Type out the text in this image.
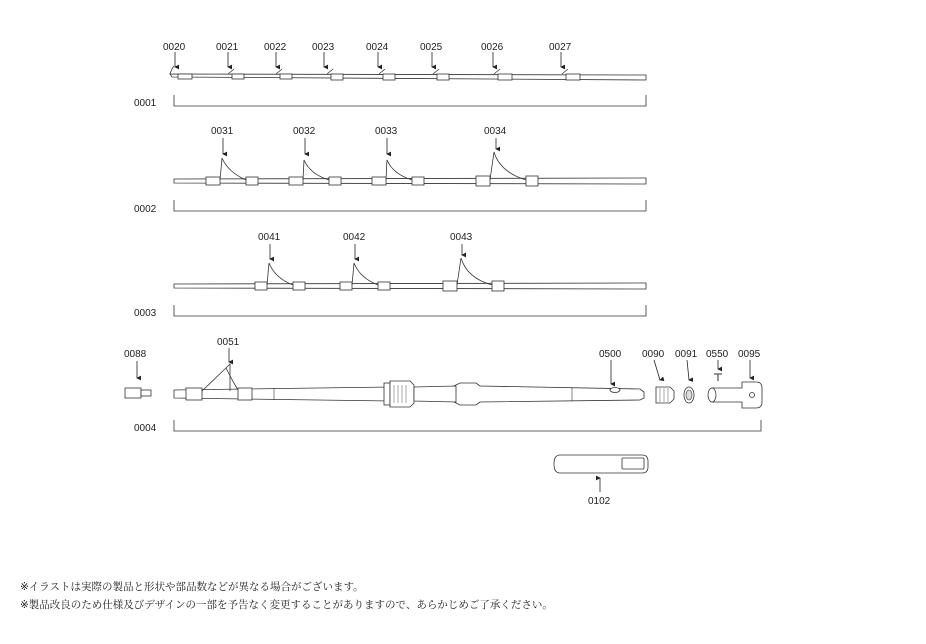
0020	0021	0022	0023	0024	0025	0026	0027
0001
0031	0032	0033	0034
0002
0041	0042	0043
0003
0088
0051
0500 0090 0091 0550 0095
0004
0102
※イラストは実際の製品と形状や部品数などが異なる場合がございます。
※製品改良のため仕様及びデザインの一部を予告なく変更することがありますので、あらかじめご了承ください。
